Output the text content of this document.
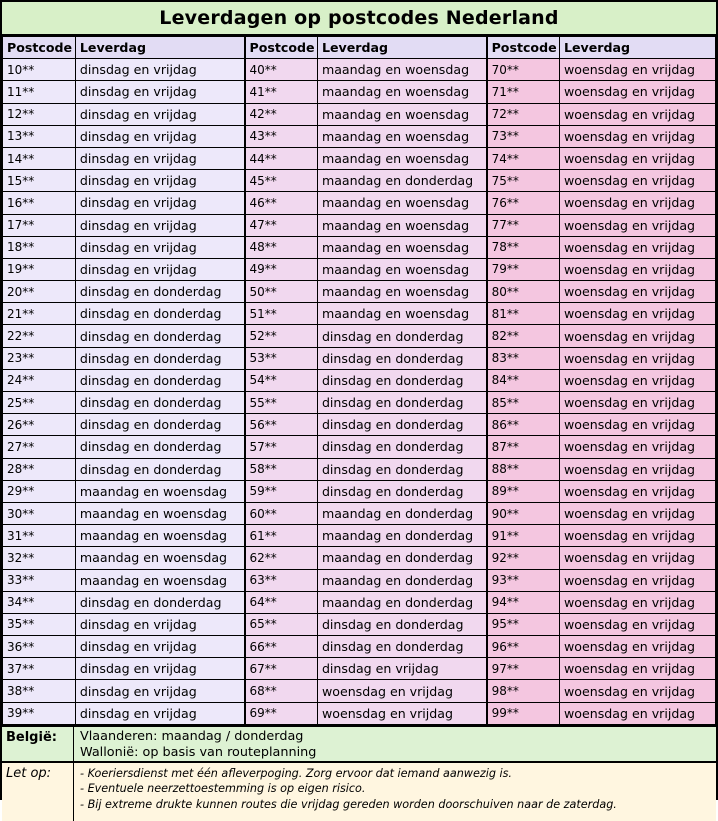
Leverdagen op postcodes Nederland
Postcode	Leverdag	Postcode	Leverdag	Postcode	Leverdag
10**	dinsdag en vrijdag	40**	maandag en woensdag	70**	woensdag en vrijdag
11**	dinsdag en vrijdag	41**	maandag en woensdag	71**	woensdag en vrijdag
12**	dinsdag en vrijdag	42**	maandag en woensdag	72**	woensdag en vrijdag
13**	dinsdag en vrijdag	43**	maandag en woensdag	73**	woensdag en vrijdag
14**	dinsdag en vrijdag	44**	maandag en woensdag	74**	woensdag en vrijdag
15**	dinsdag en vrijdag	45**	maandag en donderdag	75**	woensdag en vrijdag
16**	dinsdag en vrijdag	46**	maandag en woensdag	76**	woensdag en vrijdag
17**	dinsdag en vrijdag	47**	maandag en woensdag	77**	woensdag en vrijdag
18**	dinsdag en vrijdag	48**	maandag en woensdag	78**	woensdag en vrijdag
19**	dinsdag en vrijdag	49**	maandag en woensdag	79**	woensdag en vrijdag
20**	dinsdag en donderdag	50**	maandag en woensdag	80**	woensdag en vrijdag
21**	dinsdag en donderdag	51**	maandag en woensdag	81**	woensdag en vrijdag
22**	dinsdag en donderdag	52**	dinsdag en donderdag	82**	woensdag en vrijdag
23**	dinsdag en donderdag	53**	dinsdag en donderdag	83**	woensdag en vrijdag
24**	dinsdag en donderdag	54**	dinsdag en donderdag	84**	woensdag en vrijdag
25**	dinsdag en donderdag	55**	dinsdag en donderdag	85**	woensdag en vrijdag
26**	dinsdag en donderdag	56**	dinsdag en donderdag	86**	woensdag en vrijdag
27**	dinsdag en donderdag	57**	dinsdag en donderdag	87**	woensdag en vrijdag
28**	dinsdag en donderdag	58**	dinsdag en donderdag	88**	woensdag en vrijdag
29**	maandag en woensdag	59**	dinsdag en donderdag	89**	woensdag en vrijdag
30**	maandag en woensdag	60**	maandag en donderdag	90**	woensdag en vrijdag
31**	maandag en woensdag	61**	maandag en donderdag	91**	woensdag en vrijdag
32**	maandag en woensdag	62**	maandag en donderdag	92**	woensdag en vrijdag
33**	maandag en woensdag	63**	maandag en donderdag	93**	woensdag en vrijdag
34**	dinsdag en donderdag	64**	maandag en donderdag	94**	woensdag en vrijdag
35**	dinsdag en vrijdag	65**	dinsdag en donderdag	95**	woensdag en vrijdag
36**	dinsdag en vrijdag	66**	dinsdag en donderdag	96**	woensdag en vrijdag
37**	dinsdag en vrijdag	67**	dinsdag en vrijdag	97**	woensdag en vrijdag
38**	dinsdag en vrijdag	68**	woensdag en vrijdag	98**	woensdag en vrijdag
39**	dinsdag en vrijdag	69**	woensdag en vrijdag	99**	woensdag en vrijdag
België:	Vlaanderen: maandag / donderdag
Wallonië: op basis van routeplanning
Let op:	- Koeriersdienst met één afleverpoging. Zorg ervoor dat iemand aanwezig is.
- Eventuele neerzettoestemming is op eigen risico.
- Bij extreme drukte kunnen routes die vrijdag gereden worden doorschuiven naar de zaterdag.
